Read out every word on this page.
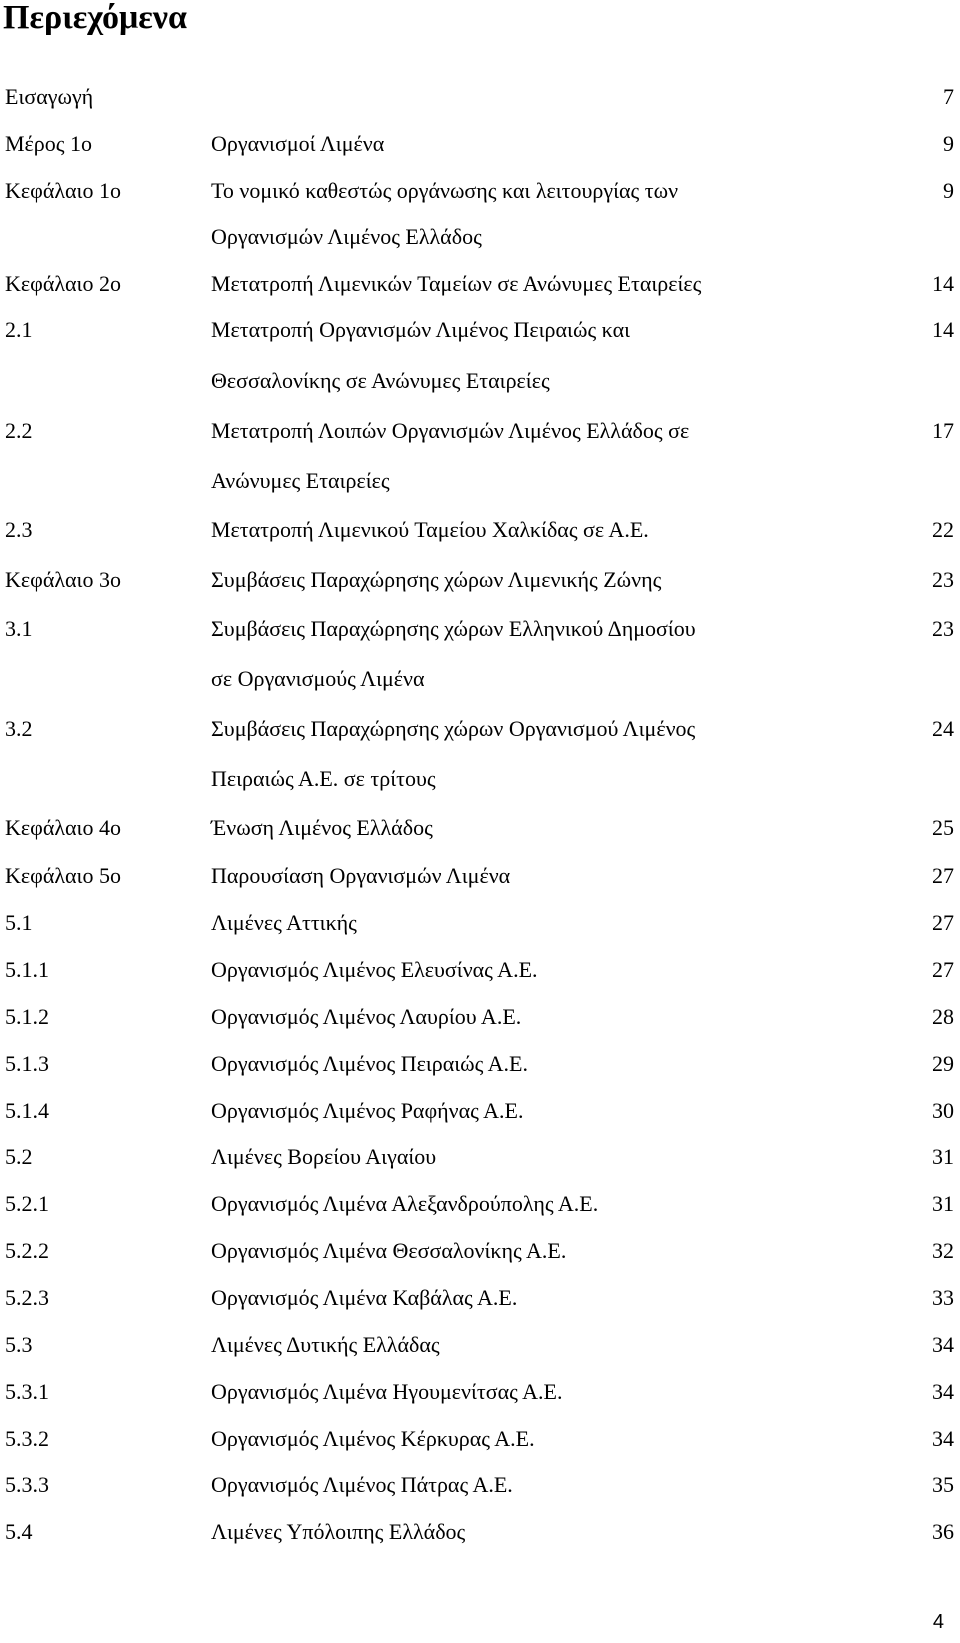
Περιεχόμενα
Εισαγωγή	7
Μέρος 1ο	Οργανισμοί Λιμένα	9
Κεφάλαιο 1ο	Το νομικό καθεστώς οργάνωσης και λειτουργίας των	9
Οργανισμών Λιμένος Ελλάδος
Κεφάλαιο 2ο	Μετατροπή Λιμενικών Ταμείων σε Ανώνυμες Εταιρείες	14
2.1	Μετατροπή Οργανισμών Λιμένος Πειραιώς και	14
Θεσσαλονίκης σε Ανώνυμες Εταιρείες
2.2	Μετατροπή Λοιπών Οργανισμών Λιμένος Ελλάδος σε	17
Ανώνυμες Εταιρείες
2.3	Μετατροπή Λιμενικού Ταμείου Χαλκίδας σε Α.Ε.	22
Κεφάλαιο 3ο	Συμβάσεις Παραχώρησης χώρων Λιμενικής Ζώνης	23
3.1	Συμβάσεις Παραχώρησης χώρων Ελληνικού Δημοσίου	23
σε Οργανισμούς Λιμένα
3.2	Συμβάσεις Παραχώρησης χώρων Οργανισμού Λιμένος	24
Πειραιώς Α.Ε. σε τρίτους
Κεφάλαιο 4ο	Ένωση Λιμένος Ελλάδος	25
Κεφάλαιο 5ο	Παρουσίαση Οργανισμών Λιμένα	27
5.1	Λιμένες Αττικής	27
5.1.1	Οργανισμός Λιμένος Ελευσίνας Α.Ε.	27
5.1.2	Οργανισμός Λιμένος Λαυρίου Α.Ε.	28
5.1.3	Οργανισμός Λιμένος Πειραιώς Α.Ε.	29
5.1.4	Οργανισμός Λιμένος Ραφήνας Α.Ε.	30
5.2	Λιμένες Βορείου Αιγαίου	31
5.2.1	Οργανισμός Λιμένα Αλεξανδρούπολης Α.Ε.	31
5.2.2	Οργανισμός Λιμένα Θεσσαλονίκης Α.Ε.	32
5.2.3	Οργανισμός Λιμένα Καβάλας Α.Ε.	33
5.3	Λιμένες Δυτικής Ελλάδας	34
5.3.1	Οργανισμός Λιμένα Ηγουμενίτσας Α.Ε.	34
5.3.2	Οργανισμός Λιμένος Κέρκυρας Α.Ε.	34
5.3.3	Οργανισμός Λιμένος Πάτρας Α.Ε.	35
5.4	Λιμένες Υπόλοιπης Ελλάδος	36
4
